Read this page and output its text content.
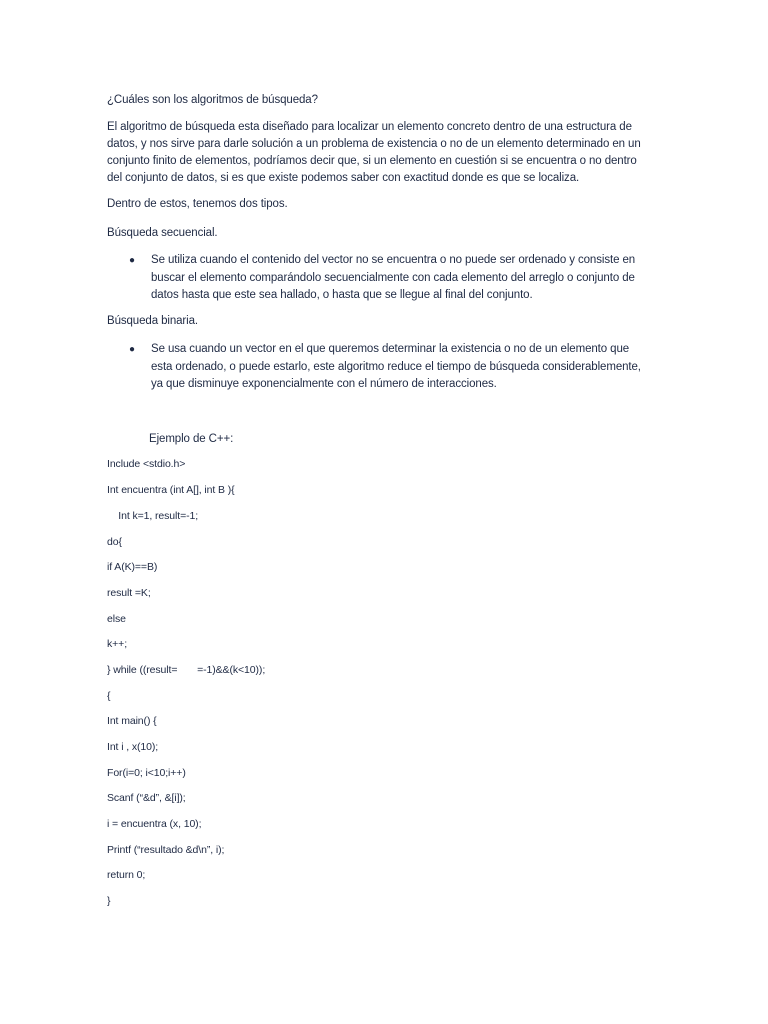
¿Cuáles son los algoritmos de búsqueda?
El algoritmo de búsqueda esta diseñado para localizar un elemento concreto dentro de una estructura de
datos, y nos sirve para darle solución a un problema de existencia o no de un elemento determinado en un
conjunto finito de elementos, podríamos decir que, si un elemento en cuestión si se encuentra o no dentro
del conjunto de datos, si es que existe podemos saber con exactitud donde es que se localiza.
Dentro de estos, tenemos dos tipos.
Búsqueda secuencial.
● Se utiliza cuando el contenido del vector no se encuentra o no puede ser ordenado y consiste en
buscar el elemento comparándolo secuencialmente con cada elemento del arreglo o conjunto de
datos hasta que este sea hallado, o hasta que se llegue al final del conjunto.
Búsqueda binaria.
● Se usa cuando un vector en el que queremos determinar la existencia o no de un elemento que
esta ordenado, o puede estarlo, este algoritmo reduce el tiempo de búsqueda considerablemente,
ya que disminuye exponencialmente con el número de interacciones.
Ejemplo de C++:
Include <stdio.h>
Int encuentra (int A[], int B ){
Int k=1, result=-1;
do{
if A(K)==B)
result =K;
else
k++;
} while ((result=       =-1)&&(k<10));
{
Int main() {
Int i , x(10);
For(i=0; i<10;i++)
Scanf (“&d”, &[i]);
i = encuentra (x, 10);
Printf (“resultado &d\n”, i);
return 0;
}
